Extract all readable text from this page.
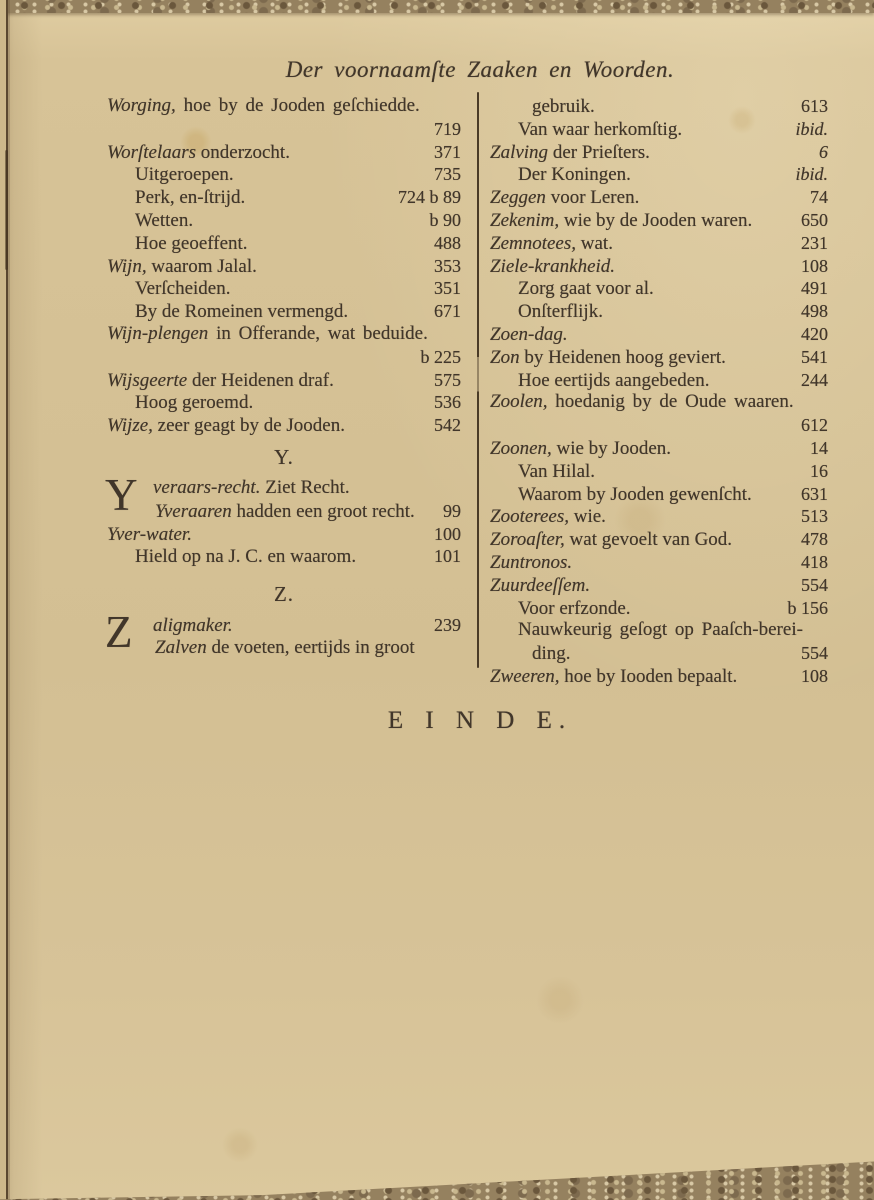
Der voornaamſte Zaaken en Woorden.
Worging, hoe by de Jooden geſchiedde.
719
Worſtelaars onderzocht.	371
Uitgeroepen.	735
Perk, en-ſtrijd.	724 b 89
Wetten.	b 90
Hoe geoeffent.	488
Wijn, waarom Jalal.	353
Verſcheiden.	351
By de Romeinen vermengd.	671
Wijn-plengen in Offerande, wat beduide.
b 225
Wijsgeerte der Heidenen draf.	575
Hoog geroemd.	536
Wijze, zeer geagt by de Jooden.	542
Y.
Y veraars-recht. Ziet Recht.
Yveraaren hadden een groot recht.	99
Yver-water.	100
Hield op na J. C. en waarom.	101
Z.
Z aligmaker.	239
Zalven de voeten, eertijds in groot
gebruik.	613
Van waar herkomſtig.	ibid.
Zalving der Prieſters.	6
Der Koningen.	ibid.
Zeggen voor Leren.	74
Zekenim, wie by de Jooden waren.	650
Zemnotees, wat.	231
Ziele-krankheid.	108
Zorg gaat voor al.	491
Onſterflijk.	498
Zoen-dag.	420
Zon by Heidenen hoog geviert.	541
Hoe eertijds aangebeden.	244
Zoolen, hoedanig by de Oude waaren.
612
Zoonen, wie by Jooden.	14
Van Hilal.	16
Waarom by Jooden gewenſcht.	631
Zooterees, wie.	513
Zoroaſter, wat gevoelt van God.	478
Zuntronos.	418
Zuurdeeſſem.	554
Voor erfzonde.	b 156
Nauwkeurig geſogt op Paaſch-berei-
ding.	554
Zweeren, hoe by Iooden bepaalt.	108
E I N D E.
